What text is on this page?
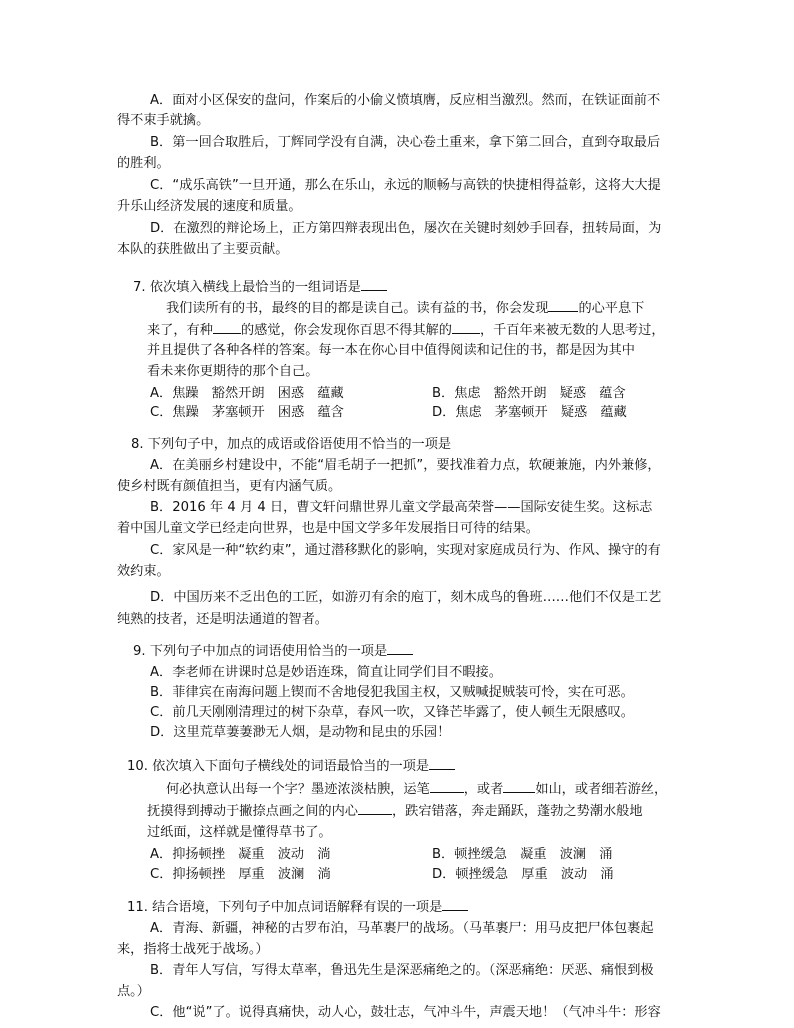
A．面对小区保安的盘问，作案后的小偷义愤填膺，反应相当激烈。然而，在铁证面前不
得不束手就擒。
B．第一回合取胜后，丁辉同学没有自满，决心卷土重来，拿下第二回合，直到夺取最后
的胜利。
C．“成乐高铁”一旦开通，那么在乐山，永远的顺畅与高铁的快捷相得益彰，这将大大提
升乐山经济发展的速度和质量。
D．在激烈的辩论场上，正方第四辩表现出色，屡次在关键时刻妙手回春，扭转局面，为
本队的获胜做出了主要贡献。
7. 依次填入横线上最恰当的一组词语是
我们读所有的书，最终的目的都是读自己。读有益的书，你会发现 的心平息下
来了，有种 的感觉，你会发现你百思不得其解的 ，千百年来被无数的人思考过，
并且提供了各种各样的答案。每一本在你心目中值得阅读和记住的书，都是因为其中
看未来你更期待的那个自己。
A．焦躁　豁然开朗　困惑　蕴藏	B．焦虑　豁然开朗　疑惑　蕴含
C．焦躁　茅塞顿开　困惑　蕴含	D．焦虑　茅塞顿开　疑惑　蕴藏
8. 下列句子中，加点的成语或俗语使用不恰当的一项是
A．在美丽乡村建设中，不能“眉毛胡子一把抓”，要找准着力点，软硬兼施，内外兼修，
使乡村既有颜值担当，更有内涵气质。
B．2016 年 4 月 4 日，曹文轩问鼎世界儿童文学最高荣誉——国际安徒生奖。这标志
着中国儿童文学已经走向世界，也是中国文学多年发展指日可待的结果。
C．家风是一种“软约束”，通过潜移默化的影响，实现对家庭成员行为、作风、操守的有
效约束。
D．中国历来不乏出色的工匠，如游刃有余的庖丁，刻木成鸟的鲁班……他们不仅是工艺
纯熟的技者，还是明法通道的智者。
9. 下列句子中加点的词语使用恰当的一项是
A．李老师在讲课时总是妙语连珠，简直让同学们目不暇接。
B．菲律宾在南海问题上锲而不舍地侵犯我国主权，又贼喊捉贼装可怜，实在可恶。
C．前几天刚刚清理过的树下杂草，春风一吹，又锋芒毕露了，使人顿生无限感叹。
D．这里荒草萋萋渺无人烟，是动物和昆虫的乐园！
10. 依次填入下面句子横线处的词语最恰当的一项是
何必执意认出每一个字？墨迹浓淡枯腴，运笔	，或者 如山，或者细若游丝，
抚摸得到搏动于撇捺点画之间的内心	，跌宕错落，奔走踊跃，蓬勃之势潮水般地
过纸面，这样就是懂得草书了。
A．抑扬顿挫　凝重　波动　淌	B．顿挫缓急　凝重　波澜　涌
C．抑扬顿挫　厚重　波澜　淌	D．顿挫缓急　厚重　波动　涌
11. 结合语境，下列句子中加点词语解释有误的一项是
A．青海、新疆，神秘的古罗布泊，马革裹尸的战场。（马革裹尸：用马皮把尸体包裹起
来，指将士战死于战场。）
B．青年人写信，写得太草率，鲁迅先生是深恶痛绝之的。（深恶痛绝：厌恶、痛恨到极
点。）
C．他“说”了。说得真痛快，动人心，鼓壮志，气冲斗牛，声震天地！（气冲斗牛：形容
